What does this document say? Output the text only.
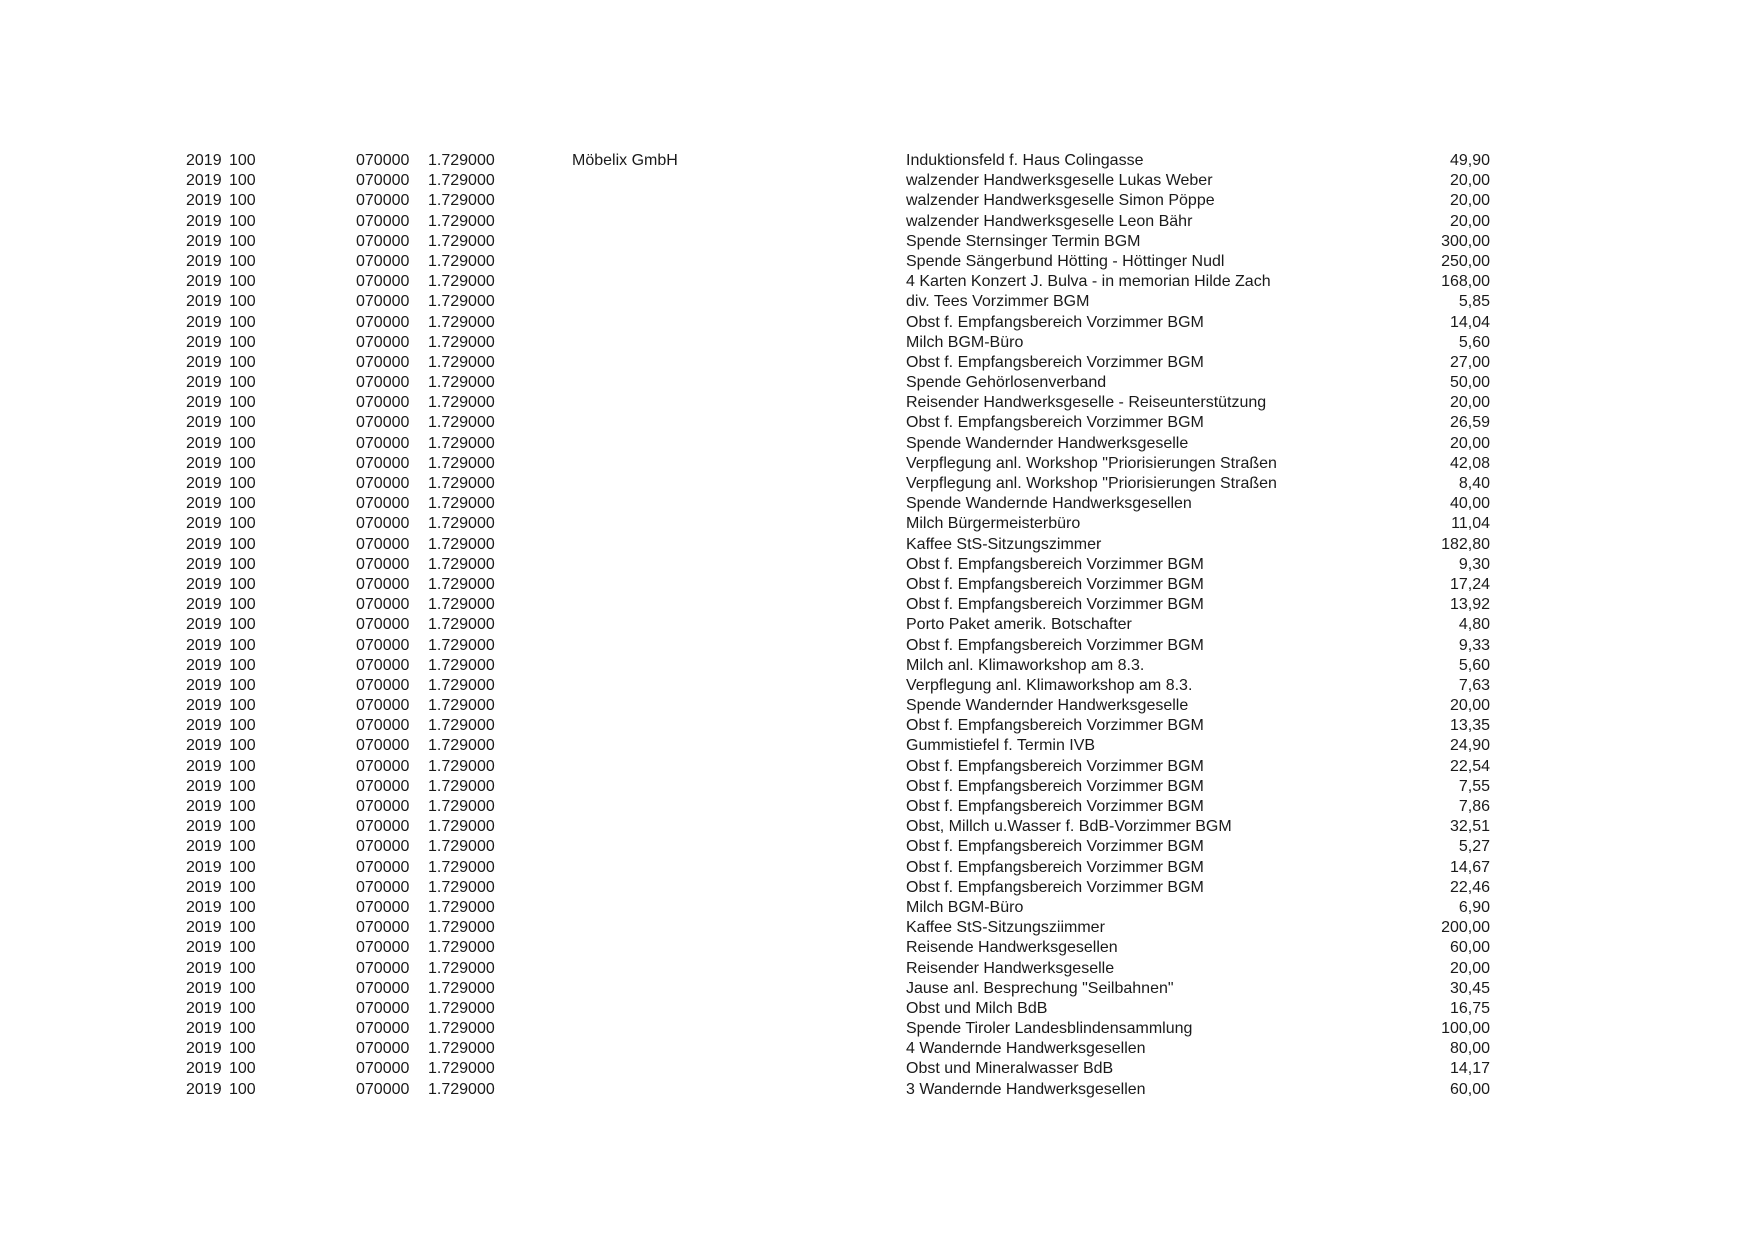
2019 100	070000 1.729000	Möbelix GmbH	Induktionsfeld f. Haus Colingasse	49,90
2019 100	070000 1.729000	walzender Handwerksgeselle Lukas Weber	20,00
2019 100	070000 1.729000	walzender Handwerksgeselle Simon Pöppe	20,00
2019 100	070000 1.729000	walzender Handwerksgeselle Leon Bähr	20,00
2019 100	070000 1.729000	Spende Sternsinger Termin BGM	300,00
2019 100	070000 1.729000	Spende Sängerbund Hötting - Höttinger Nudl	250,00
2019 100	070000 1.729000	4 Karten Konzert J. Bulva - in memorian Hilde Zach	168,00
2019 100	070000 1.729000	div. Tees Vorzimmer BGM	5,85
2019 100	070000 1.729000	Obst f. Empfangsbereich Vorzimmer BGM	14,04
2019 100	070000 1.729000	Milch BGM-Büro	5,60
2019 100	070000 1.729000	Obst f. Empfangsbereich Vorzimmer BGM	27,00
2019 100	070000 1.729000	Spende Gehörlosenverband	50,00
2019 100	070000 1.729000	Reisender Handwerksgeselle - Reiseunterstützung	20,00
2019 100	070000 1.729000	Obst f. Empfangsbereich Vorzimmer BGM	26,59
2019 100	070000 1.729000	Spende Wandernder Handwerksgeselle	20,00
2019 100	070000 1.729000	Verpflegung anl. Workshop "Priorisierungen Straßen	42,08
2019 100	070000 1.729000	Verpflegung anl. Workshop "Priorisierungen Straßen	8,40
2019 100	070000 1.729000	Spende Wandernde Handwerksgesellen	40,00
2019 100	070000 1.729000	Milch Bürgermeisterbüro	11,04
2019 100	070000 1.729000	Kaffee StS-Sitzungszimmer	182,80
2019 100	070000 1.729000	Obst f. Empfangsbereich Vorzimmer BGM	9,30
2019 100	070000 1.729000	Obst f. Empfangsbereich Vorzimmer BGM	17,24
2019 100	070000 1.729000	Obst f. Empfangsbereich Vorzimmer BGM	13,92
2019 100	070000 1.729000	Porto Paket amerik. Botschafter	4,80
2019 100	070000 1.729000	Obst f. Empfangsbereich Vorzimmer BGM	9,33
2019 100	070000 1.729000	Milch anl. Klimaworkshop am 8.3.	5,60
2019 100	070000 1.729000	Verpflegung anl. Klimaworkshop am 8.3.	7,63
2019 100	070000 1.729000	Spende Wandernder Handwerksgeselle	20,00
2019 100	070000 1.729000	Obst f. Empfangsbereich Vorzimmer BGM	13,35
2019 100	070000 1.729000	Gummistiefel f. Termin IVB	24,90
2019 100	070000 1.729000	Obst f. Empfangsbereich Vorzimmer BGM	22,54
2019 100	070000 1.729000	Obst f. Empfangsbereich Vorzimmer BGM	7,55
2019 100	070000 1.729000	Obst f. Empfangsbereich Vorzimmer BGM	7,86
2019 100	070000 1.729000	Obst, Millch u.Wasser f. BdB-Vorzimmer BGM	32,51
2019 100	070000 1.729000	Obst f. Empfangsbereich Vorzimmer BGM	5,27
2019 100	070000 1.729000	Obst f. Empfangsbereich Vorzimmer BGM	14,67
2019 100	070000 1.729000	Obst f. Empfangsbereich Vorzimmer BGM	22,46
2019 100	070000 1.729000	Milch BGM-Büro	6,90
2019 100	070000 1.729000	Kaffee StS-Sitzungsziimmer	200,00
2019 100	070000 1.729000	Reisende Handwerksgesellen	60,00
2019 100	070000 1.729000	Reisender Handwerksgeselle	20,00
2019 100	070000 1.729000	Jause anl. Besprechung "Seilbahnen"	30,45
2019 100	070000 1.729000	Obst und Milch BdB	16,75
2019 100	070000 1.729000	Spende Tiroler Landesblindensammlung	100,00
2019 100	070000 1.729000	4 Wandernde Handwerksgesellen	80,00
2019 100	070000 1.729000	Obst und Mineralwasser BdB	14,17
2019 100	070000 1.729000	3 Wandernde Handwerksgesellen	60,00
